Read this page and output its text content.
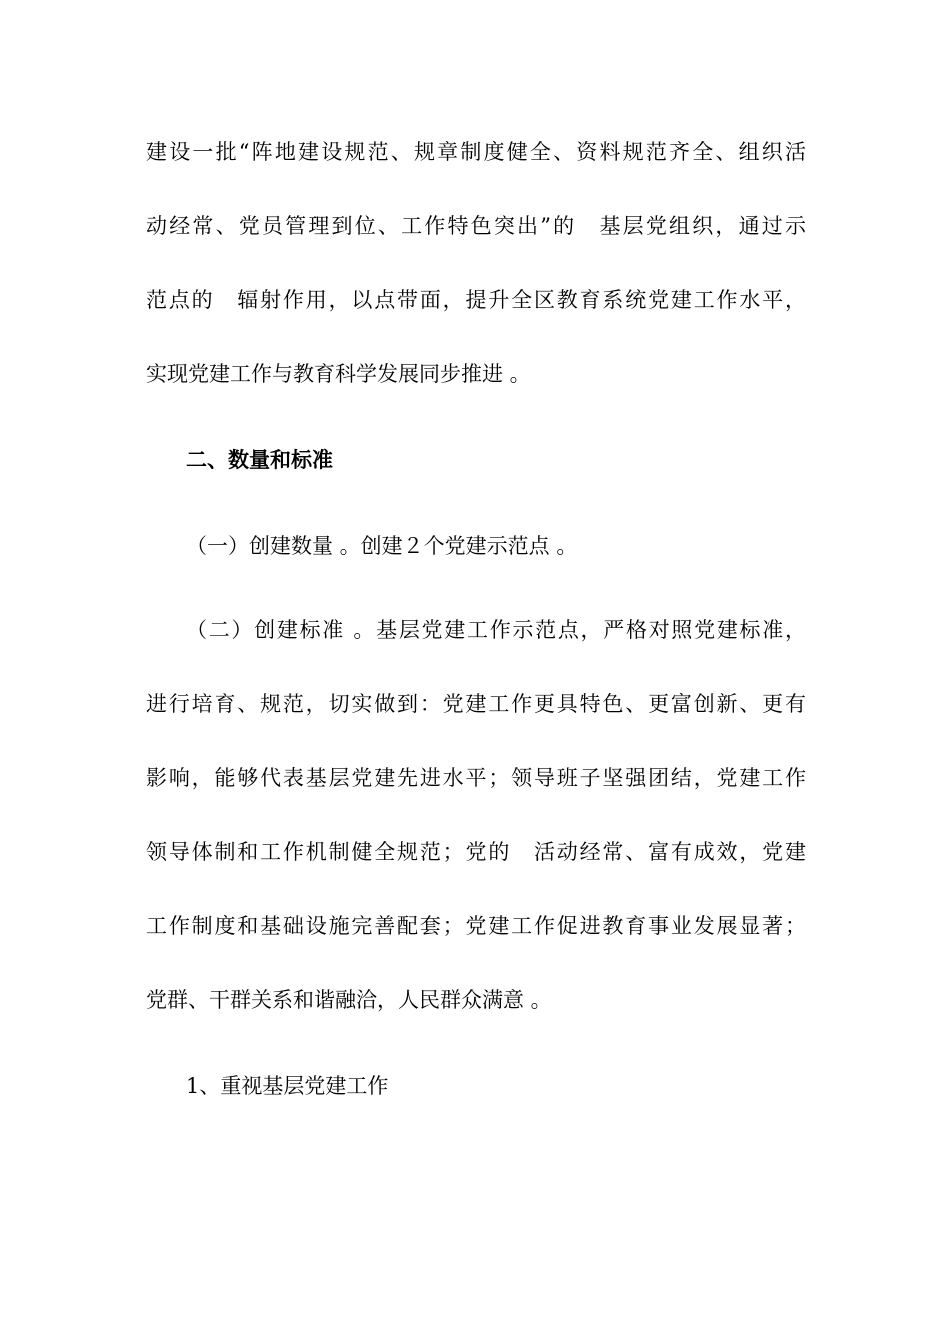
建设一批“阵地建设规范、规章制度健全、资料规范齐全、组织活
动经常、党员管理到位、工作特色突出”的　基层党组织，通过示
范点的　辐射作用，以点带面，提升全区教育系统党建工作水平，
实现党建工作与教育科学发展同步推进 。
二、数量和标准
（一）创建数量 。创建２个党建示范点 。
（二）创建标准 。基层党建工作示范点，严格对照党建标准，
进行培育、规范，切实做到：党建工作更具特色、更富创新、更有
影响，能够代表基层党建先进水平；领导班子坚强团结，党建工作
领导体制和工作机制健全规范；党的　活动经常、富有成效，党建
工作制度和基础设施完善配套；党建工作促进教育事业发展显著；
党群、干群关系和谐融洽，人民群众满意 。
1、重视基层党建工作
